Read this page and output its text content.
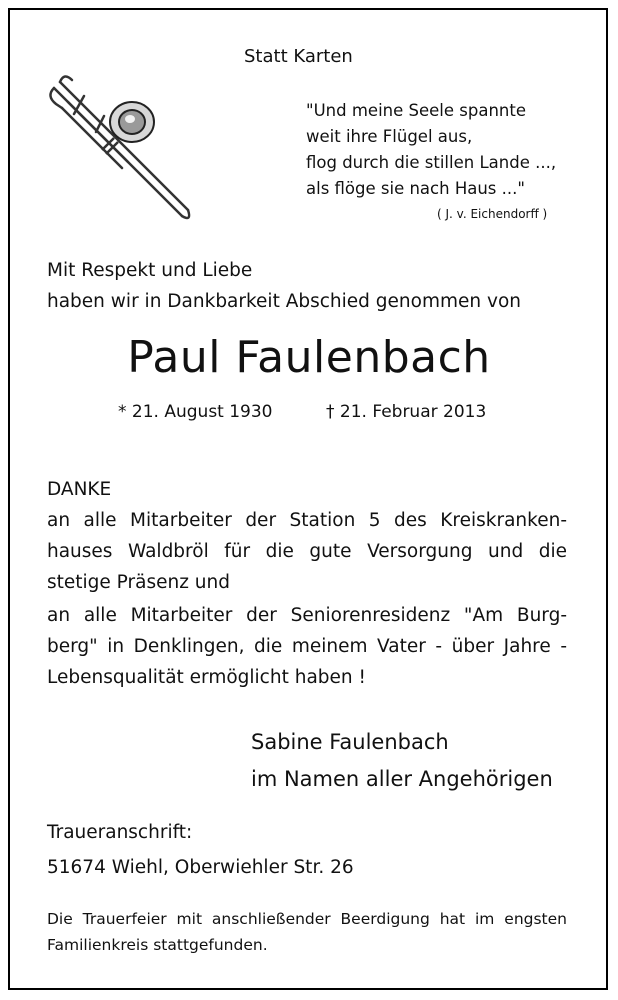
Statt Karten
"Und meine Seele spannte
weit ihre Flügel aus,
flog durch die stillen Lande ...,
als flöge sie nach Haus ..."
( J. v. Eichendorff )
Mit Respekt und Liebe
haben wir in Dankbarkeit Abschied genommen von
Paul Faulenbach
* 21. August 1930	† 21. Februar 2013
DANKE

an alle Mitarbeiter der Station 5 des Kreiskranken-hauses Waldbröl für die gute Versorgung und die stetige Präsenz und

an alle Mitarbeiter der Seniorenresidenz "Am Burg-berg" in Denklingen, die meinem Vater - über Jahre - Lebensqualität ermöglicht haben !

Sabine Faulenbach
im Namen aller Angehörigen
Traueranschrift:
51674 Wiehl, Oberwiehler Str. 26

Die Trauerfeier mit anschließender Beerdigung hat im engsten Familienkreis stattgefunden.
